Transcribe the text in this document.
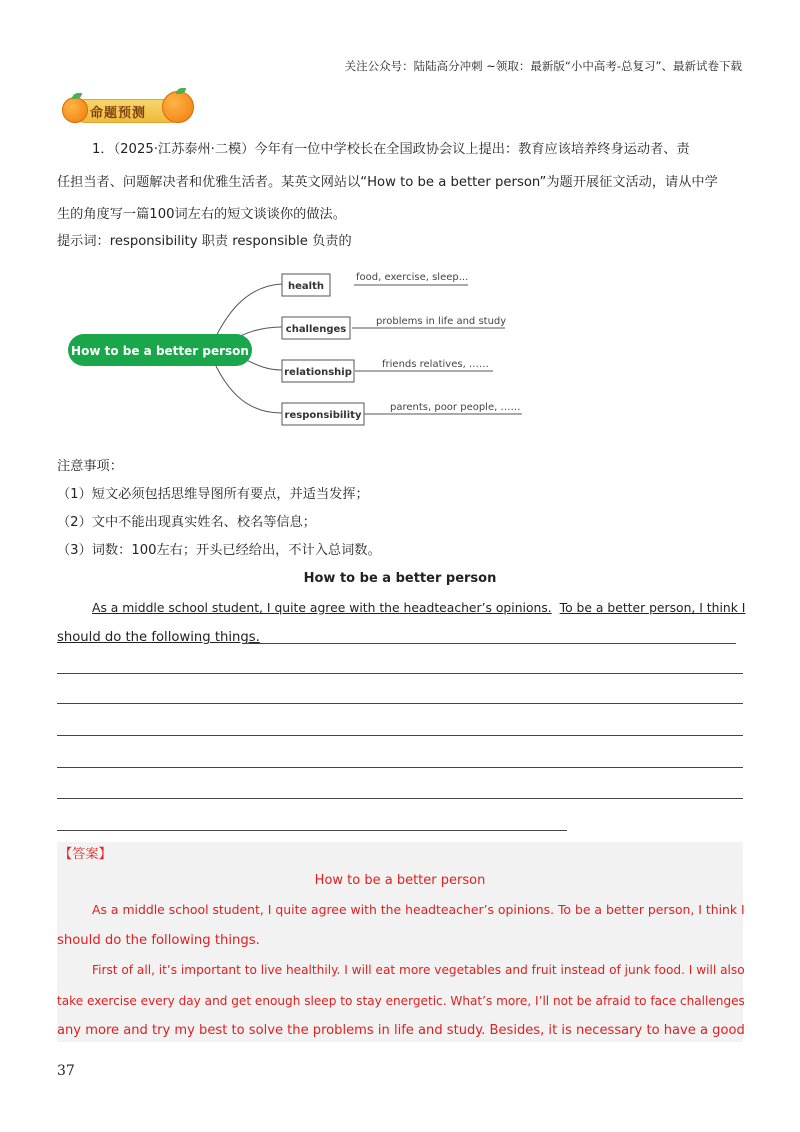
关注公众号：陆陆高分冲刺 ~领取：最新版“小中高考-总复习”、最新试卷下载
命题预测
1．（2025·江苏泰州·二模）今年有一位中学校长在全国政协会议上提出：教育应该培养终身运动者、责
任担当者、问题解决者和优雅生活者。某英文网站以“How to be a better person”为题开展征文活动，请从中学
生的角度写一篇100词左右的短文谈谈你的做法。
提示词：responsibility 职责 responsible 负责的
How to be a better person
health
challenges
relationship
responsibility
food, exercise, sleep...
problems in life and study
friends relatives, ……
parents, poor people, ……
注意事项：
（1）短文必须包括思维导图所有要点，并适当发挥；
（2）文中不能出现真实姓名、校名等信息；
（3）词数：100左右；开头已经给出，不计入总词数。
How to be a better person
As a middle school student, I quite agree with the headteacher’s opinions. To be a better person, I think I
should do the following things.
【答案】
How to be a better person
As a middle school student, I quite agree with the headteacher’s opinions. To be a better person, I think I
should do the following things.
First of all, it’s important to live healthily. I will eat more vegetables and fruit instead of junk food. I will also
take exercise every day and get enough sleep to stay energetic. What’s more, I’ll not be afraid to face challenges
any more and try my best to solve the problems in life and study. Besides, it is necessary to have a good
37
